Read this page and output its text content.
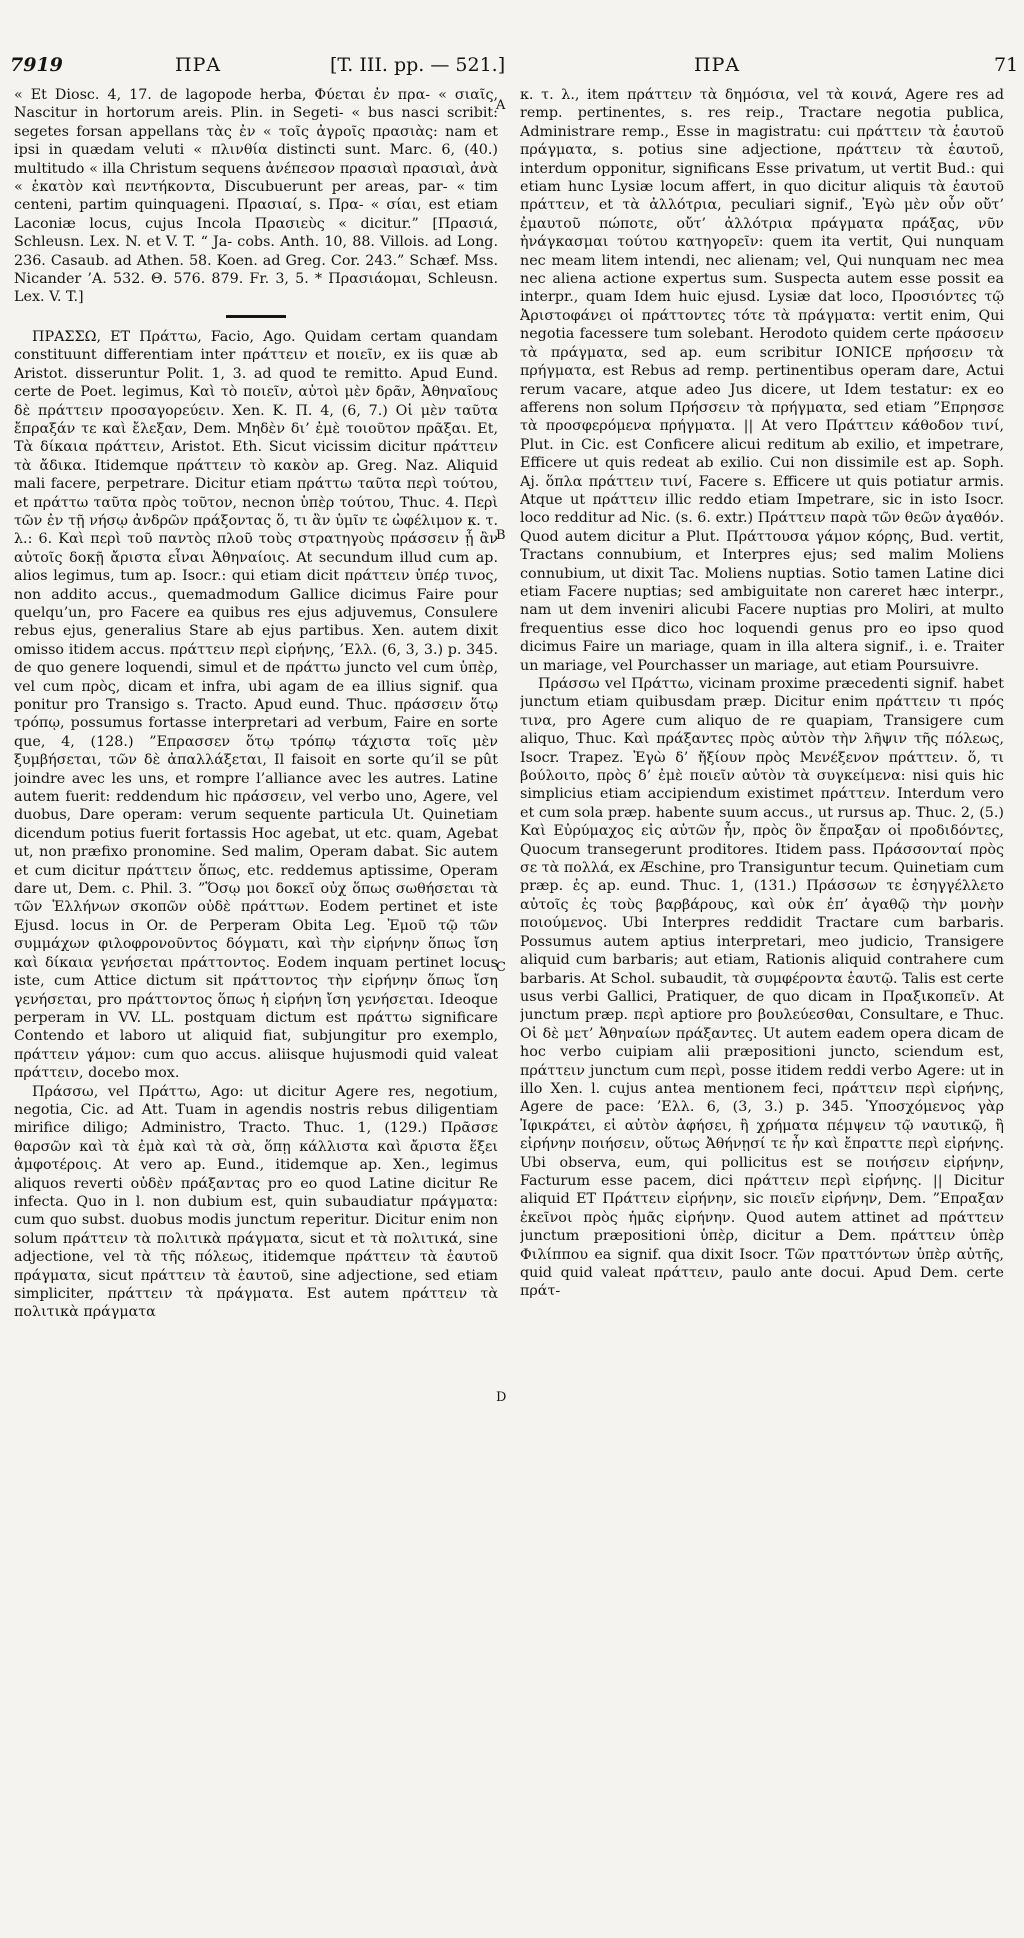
7919	ΠΡΑ	[T. III. pp. — 521.]	ΠΡΑ	71
A
B
C
D

« Et Diosc. 4, 17. de lagopode herba, Φύεται ἐν πρα- « σιαῖς, Nascitur in hortorum areis. Plin. in Segeti- « bus nasci scribit: segetes forsan appellans τὰς ἐν « τοῖς ἀγροῖς πρασιὰς: nam et ipsi in quædam veluti « πλινθία distincti sunt. Marc. 6, (40.) multitudo « illa Christum sequens ἀνέπεσον πρασιαὶ πρασιαὶ, ἀνὰ « ἑκατὸν καὶ πεντήκοντα, Discubuerunt per areas, par- « tim centeni, partim quinquageni. Πρασιαί, s. Πρα- « σίαι, est etiam Laconiæ locus, cujus Incola Πρασιεὺς « dicitur.” [Πρασιά, Schleusn. Lex. N. et V. T. “ Ja- cobs. Anth. 10, 88. Villois. ad Long. 236. Casaub. ad Athen. 58. Koen. ad Greg. Cor. 243.” Schæf. Mss. Nicander ’A. 532. Θ. 576. 879. Fr. 3, 5. * Πρασιάομαι, Schleusn. Lex. V. T.]

ΠΡΑΣΣΩ, ET Πράττω, Facio, Ago. Quidam certam quandam constituunt differentiam inter πράττειν et ποιεῖν, ex iis quæ ab Aristot. disseruntur Polit. 1, 3. ad quod te remitto. Apud Eund. certe de Poet. legimus, Καὶ τὸ ποιεῖν, αὐτοὶ μὲν δρᾶν, Ἀθηναῖους δὲ πράττειν προσαγορεύειν. Xen. K. Π. 4, (6, 7.) Οἱ μὲν ταῦτα ἔπραξάν τε καὶ ἔλεξαν, Dem. Μηδὲν δι’ ἐμὲ τοιοῦτον πρᾶξαι. Et, Τὰ δίκαια πράττειν, Aristot. Eth. Sicut vicissim dicitur πράττειν τὰ ἄδικα. Itidemque πράττειν τὸ κακὸν ap. Greg. Naz. Aliquid mali facere, perpetrare. Dicitur etiam πράττω ταῦτα περὶ τούτου, et πράττω ταῦτα πρὸς τοῦτον, necnon ὑπὲρ τούτου, Thuc. 4. Περὶ τῶν ἐν τῇ νήσῳ ἀνδρῶν πράξοντας ὅ, τι ἂν ὑμῖν τε ὠφέλιμον κ. τ. λ.: 6. Καὶ περὶ τοῦ παντὸς πλοῦ τοὺς στρατηγοὺς πράσσειν ᾗ ἂν αὐτοῖς δοκῇ ἄριστα εἶναι Ἀθηναίοις. At secundum illud cum ap. alios legimus, tum ap. Isocr.: qui etiam dicit πράττειν ὑπέρ τινος, non addito accus., quemadmodum Gallice dicimus Faire pour quelqu’un, pro Facere ea quibus res ejus adjuvemus, Consulere rebus ejus, generalius Stare ab ejus partibus. Xen. autem dixit omisso itidem accus. πράττειν περὶ εἰρήνης, ’Ελλ. (6, 3, 3.) p. 345. de quo genere loquendi, simul et de πράττω juncto vel cum ὑπὲρ, vel cum πρὸς, dicam et infra, ubi agam de ea illius signif. qua ponitur pro Transigo s. Tracto. Apud eund. Thuc. πράσσειν ὅτῳ τρόπῳ, possumus fortasse interpretari ad verbum, Faire en sorte que, 4, (128.) ”Επρασσεν ὅτῳ τρόπῳ τάχιστα τοῖς μὲν ξυμβήσεται, τῶν δὲ ἀπαλλάξεται, Il faisoit en sorte qu’il se pût joindre avec les uns, et rompre l’alliance avec les autres. Latine autem fuerit: reddendum hic πράσσειν, vel verbo uno, Agere, vel duobus, Dare operam: verum sequente particula Ut. Quinetiam dicendum potius fuerit fortassis Hoc agebat, ut etc. quam, Agebat ut, non præfixo pronomine. Sed malim, Operam dabat. Sic autem et cum dicitur πράττειν ὅπως, etc. reddemus aptissime, Operam dare ut, Dem. c. Phil. 3. ”Ὅσῳ μοι δοκεῖ οὐχ ὅπως σωθήσεται τὰ τῶν Ἑλλήνων σκοπῶν οὐδὲ πράττων. Eodem pertinet et iste Ejusd. locus in Or. de Perperam Obita Leg. Ἐμοῦ τῷ τῶν συμμάχων φιλοφρονοῦντος δόγματι, καὶ τὴν εἰρήνην ὅπως ἴση καὶ δίκαια γενήσεται πράττοντος. Eodem inquam pertinet locus iste, cum Attice dictum sit πράττοντος τὴν εἰρήνην ὅπως ἴση γενήσεται, pro πράττοντος ὅπως ἡ εἰρήνη ἴση γενήσεται. Ideoque perperam in VV. LL. postquam dictum est πράττω significare Contendo et laboro ut aliquid fiat, subjungitur pro exemplo, πράττειν γάμον: cum quo accus. aliisque hujusmodi quid valeat πράττειν, docebo mox.

Πράσσω, vel Πράττω, Ago: ut dicitur Agere res, negotium, negotia, Cic. ad Att. Tuam in agendis nostris rebus diligentiam mirifice diligo; Administro, Tracto. Thuc. 1, (129.) Πρᾶσσε θαρσῶν καὶ τὰ ἐμὰ καὶ τὰ σὰ, ὅπῃ κάλλιστα καὶ ἄριστα ἕξει ἀμφοτέροις. At vero ap. Eund., itidemque ap. Xen., legimus aliquos reverti οὐδὲν πράξαντας pro eo quod Latine dicitur Re infecta. Quo in l. non dubium est, quin subaudiatur πράγματα: cum quo subst. duobus modis junctum reperitur. Dicitur enim non solum πράττειν τὰ πολιτικὰ πράγματα, sicut et τὰ πολιτικά, sine adjectione, vel τὰ τῆς πόλεως, itidemque πράττειν τὰ ἑαυτοῦ πράγματα, sicut πράττειν τὰ ἑαυτοῦ, sine adjectione, sed etiam simpliciter, πράττειν τὰ πράγματα. Est autem πράττειν τὰ πολιτικὰ πράγματα

κ. τ. λ., item πράττειν τὰ δημόσια, vel τὰ κοινά, Agere res ad remp. pertinentes, s. res reip., Tractare negotia publica, Administrare remp., Esse in magistratu: cui πράττειν τὰ ἑαυτοῦ πράγματα, s. potius sine adjectione, πράττειν τὰ ἑαυτοῦ, interdum opponitur, significans Esse privatum, ut vertit Bud.: qui etiam hunc Lysiæ locum affert, in quo dicitur aliquis τὰ ἑαυτοῦ πράττειν, et τὰ ἀλλότρια, peculiari signif., Ἐγὼ μὲν οὖν οὔτ’ ἐμαυτοῦ πώποτε, οὔτ’ ἀλλότρια πράγματα πράξας, νῦν ἠνάγκασμαι τούτου κατηγορεῖν: quem ita vertit, Qui nunquam nec meam litem intendi, nec alienam; vel, Qui nunquam nec mea nec aliena actione expertus sum. Suspecta autem esse possit ea interpr., quam Idem huic ejusd. Lysiæ dat loco, Προσιόντες τῷ Ἀριστοφάνει οἱ πράττοντες τότε τὰ πράγματα: vertit enim, Qui negotia facessere tum solebant. Herodoto quidem certe πράσσειν τὰ πράγματα, sed ap. eum scribitur IONICE πρήσσειν τὰ πρήγματα, est Rebus ad remp. pertinentibus operam dare, Actui rerum vacare, atque adeo Jus dicere, ut Idem testatur: ex eo afferens non solum Πρήσσειν τὰ πρήγματα, sed etiam ”Επρησσε τὰ προσφερόμενα πρήγματα. || At vero Πράττειν κάθοδον τινί, Plut. in Cic. est Conficere alicui reditum ab exilio, et impetrare, Efficere ut quis redeat ab exilio. Cui non dissimile est ap. Soph. Aj. ὅπλα πράττειν τινί, Facere s. Efficere ut quis potiatur armis. Atque ut πράττειν illic reddo etiam Impetrare, sic in isto Isocr. loco redditur ad Nic. (s. 6. extr.) Πράττειν παρὰ τῶν θεῶν ἀγαθόν. Quod autem dicitur a Plut. Πράττουσα γάμον κόρης, Bud. vertit, Tractans connubium, et Interpres ejus; sed malim Moliens connubium, ut dixit Tac. Moliens nuptias. Sotio tamen Latine dici etiam Facere nuptias; sed ambiguitate non careret hæc interpr., nam ut dem inveniri alicubi Facere nuptias pro Moliri, at multo frequentius esse dico hoc loquendi genus pro eo ipso quod dicimus Faire un mariage, quam in illa altera signif., i. e. Traiter un mariage, vel Pourchasser un mariage, aut etiam Poursuivre.

Πράσσω vel Πράττω, vicinam proxime præcedenti signif. habet junctum etiam quibusdam præp. Dicitur enim πράττειν τι πρός τινα, pro Agere cum aliquo de re quapiam, Transigere cum aliquo, Thuc. Καὶ πράξαντες πρὸς αὐτὸν τὴν λῆψιν τῆς πόλεως, Isocr. Trapez. Ἐγὼ δ’ ἤξίουν πρὸς Μενέξενον πράττειν. ὅ, τι βούλοιτο, πρὸς δ’ ἐμὲ ποιεῖν αὐτὸν τὰ συγκείμενα: nisi quis hic simplicius etiam accipiendum existimet πράττειν. Interdum vero et cum sola præp. habente suum accus., ut rursus ap. Thuc. 2, (5.) Καὶ Εὐρύμαχος εἰς αὐτῶν ἦν, πρὸς ὃν ἔπραξαν οἱ προδιδόντες, Quocum transegerunt proditores. Itidem pass. Πράσσονταί πρὸς σε τὰ πολλά, ex Æschine, pro Transiguntur tecum. Quinetiam cum præp. ἐς ap. eund. Thuc. 1, (131.) Πράσσων τε ἐσηγγέλλετο αὐτοῖς ἐς τοὺς βαρβάρους, καὶ οὐκ ἐπ’ ἀγαθῷ τὴν μονὴν ποιούμενος. Ubi Interpres reddidit Tractare cum barbaris. Possumus autem aptius interpretari, meo judicio, Transigere aliquid cum barbaris; aut etiam, Rationis aliquid contrahere cum barbaris. At Schol. subaudit, τὰ συμφέροντα ἑαυτῷ. Talis est certe usus verbi Gallici, Pratiquer, de quo dicam in Πραξικοπεῖν. At junctum præp. περὶ aptiore pro βουλεύεσθαι, Consultare, e Thuc. Οἱ δὲ μετ’ Ἀθηναίων πράξαντες. Ut autem eadem opera dicam de hoc verbo cuipiam alii præpositioni juncto, sciendum est, πράττειν junctum cum περὶ, posse itidem reddi verbo Agere: ut in illo Xen. l. cujus antea mentionem feci, πράττειν περὶ εἰρήνης, Agere de pace: ’Ελλ. 6, (3, 3.) p. 345. Ὑποσχόμενος γὰρ Ἰφικράτει, εἰ αὐτὸν ἀφήσει, ἢ χρήματα πέμψειν τῷ ναυτικῷ, ἢ εἰρήνην ποιήσειν, οὕτως Ἀθήνῃσί τε ἦν καὶ ἔπραττε περὶ εἰρήνης. Ubi observa, eum, qui pollicitus est se ποιήσειν εἰρήνην, Facturum esse pacem, dici πράττειν περὶ εἰρήνης. || Dicitur aliquid ET Πράττειν εἰρήνην, sic ποιεῖν εἰρήνην, Dem. ”Επραξαν ἐκεῖνοι πρὸς ἡμᾶς εἰρήνην. Quod autem attinet ad πράττειν junctum præpositioni ὑπὲρ, dicitur a Dem. πράττειν ὑπὲρ Φιλίππου ea signif. qua dixit Isocr. Τῶν πραττόντων ὑπὲρ αὐτῆς, quid quid valeat πράττειν, paulo ante docui. Apud Dem. certe πράτ-
